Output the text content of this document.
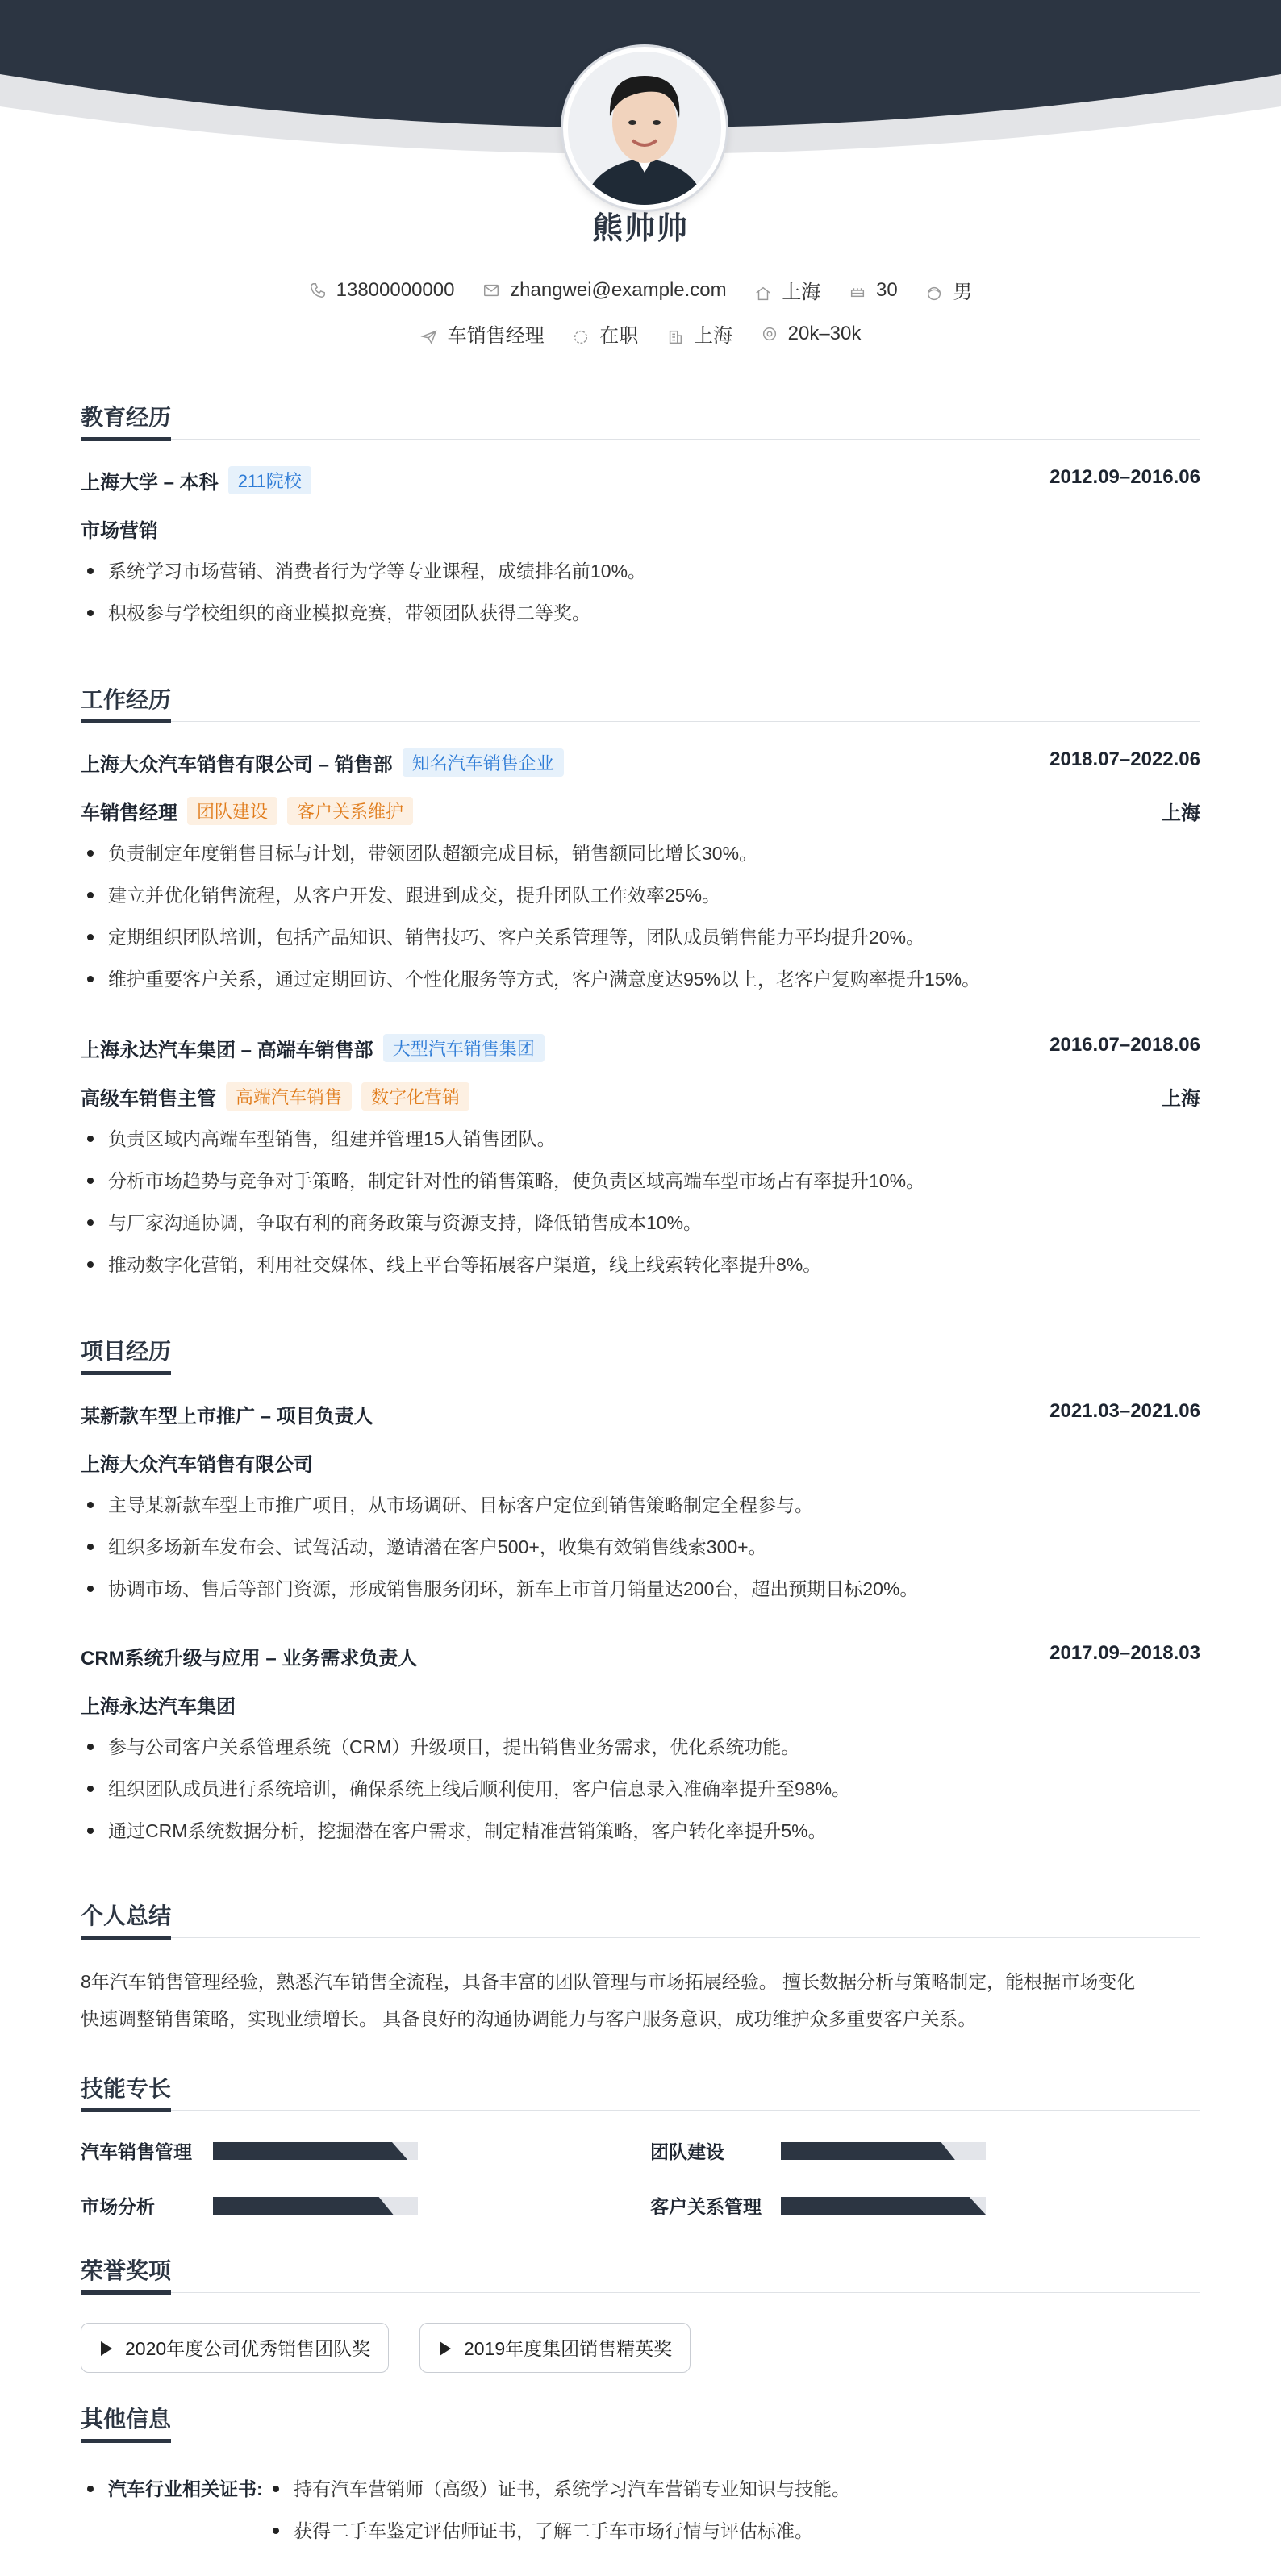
熊帅帅
13800000000	zhangwei@example.com	上海	30	男
车销售经理	在职	上海	20k–30k
教育经历
上海大学 – 本科 211院校	2012.09–2016.06
市场营销
系统学习市场营销、消费者行为学等专业课程，成绩排名前10%。
积极参与学校组织的商业模拟竞赛，带领团队获得二等奖。
工作经历
上海大众汽车销售有限公司 – 销售部 知名汽车销售企业	2018.07–2022.06
车销售经理 团队建设 客户关系维护	上海
负责制定年度销售目标与计划，带领团队超额完成目标，销售额同比增长30%。
建立并优化销售流程，从客户开发、跟进到成交，提升团队工作效率25%。
定期组织团队培训，包括产品知识、销售技巧、客户关系管理等，团队成员销售能力平均提升20%。
维护重要客户关系，通过定期回访、个性化服务等方式，客户满意度达95%以上，老客户复购率提升15%。
上海永达汽车集团 – 高端车销售部 大型汽车销售集团	2016.07–2018.06
高级车销售主管 高端汽车销售 数字化营销	上海
负责区域内高端车型销售，组建并管理15人销售团队。
分析市场趋势与竞争对手策略，制定针对性的销售策略，使负责区域高端车型市场占有率提升10%。
与厂家沟通协调，争取有利的商务政策与资源支持，降低销售成本10%。
推动数字化营销，利用社交媒体、线上平台等拓展客户渠道，线上线索转化率提升8%。
项目经历
某新款车型上市推广 – 项目负责人	2021.03–2021.06
上海大众汽车销售有限公司
主导某新款车型上市推广项目，从市场调研、目标客户定位到销售策略制定全程参与。
组织多场新车发布会、试驾活动，邀请潜在客户500+，收集有效销售线索300+。
协调市场、售后等部门资源，形成销售服务闭环，新车上市首月销量达200台，超出预期目标20%。
CRM系统升级与应用 – 业务需求负责人	2017.09–2018.03
上海永达汽车集团
参与公司客户关系管理系统（CRM）升级项目，提出销售业务需求，优化系统功能。
组织团队成员进行系统培训，确保系统上线后顺利使用，客户信息录入准确率提升至98%。
通过CRM系统数据分析，挖掘潜在客户需求，制定精准营销策略，客户转化率提升5%。
个人总结
8年汽车销售管理经验，熟悉汽车销售全流程，具备丰富的团队管理与市场拓展经验。 擅长数据分析与策略制定，能根据市场变化
快速调整销售策略，实现业绩增长。 具备良好的沟通协调能力与客户服务意识，成功维护众多重要客户关系。
技能专长
汽车销售管理	团队建设
市场分析	客户关系管理
荣誉奖项
2020年度公司优秀销售团队奖	2019年度集团销售精英奖
其他信息
汽车行业相关证书:	持有汽车营销师（高级）证书，系统学习汽车营销专业知识与技能。
获得二手车鉴定评估师证书，了解二手车市场行情与评估标准。
